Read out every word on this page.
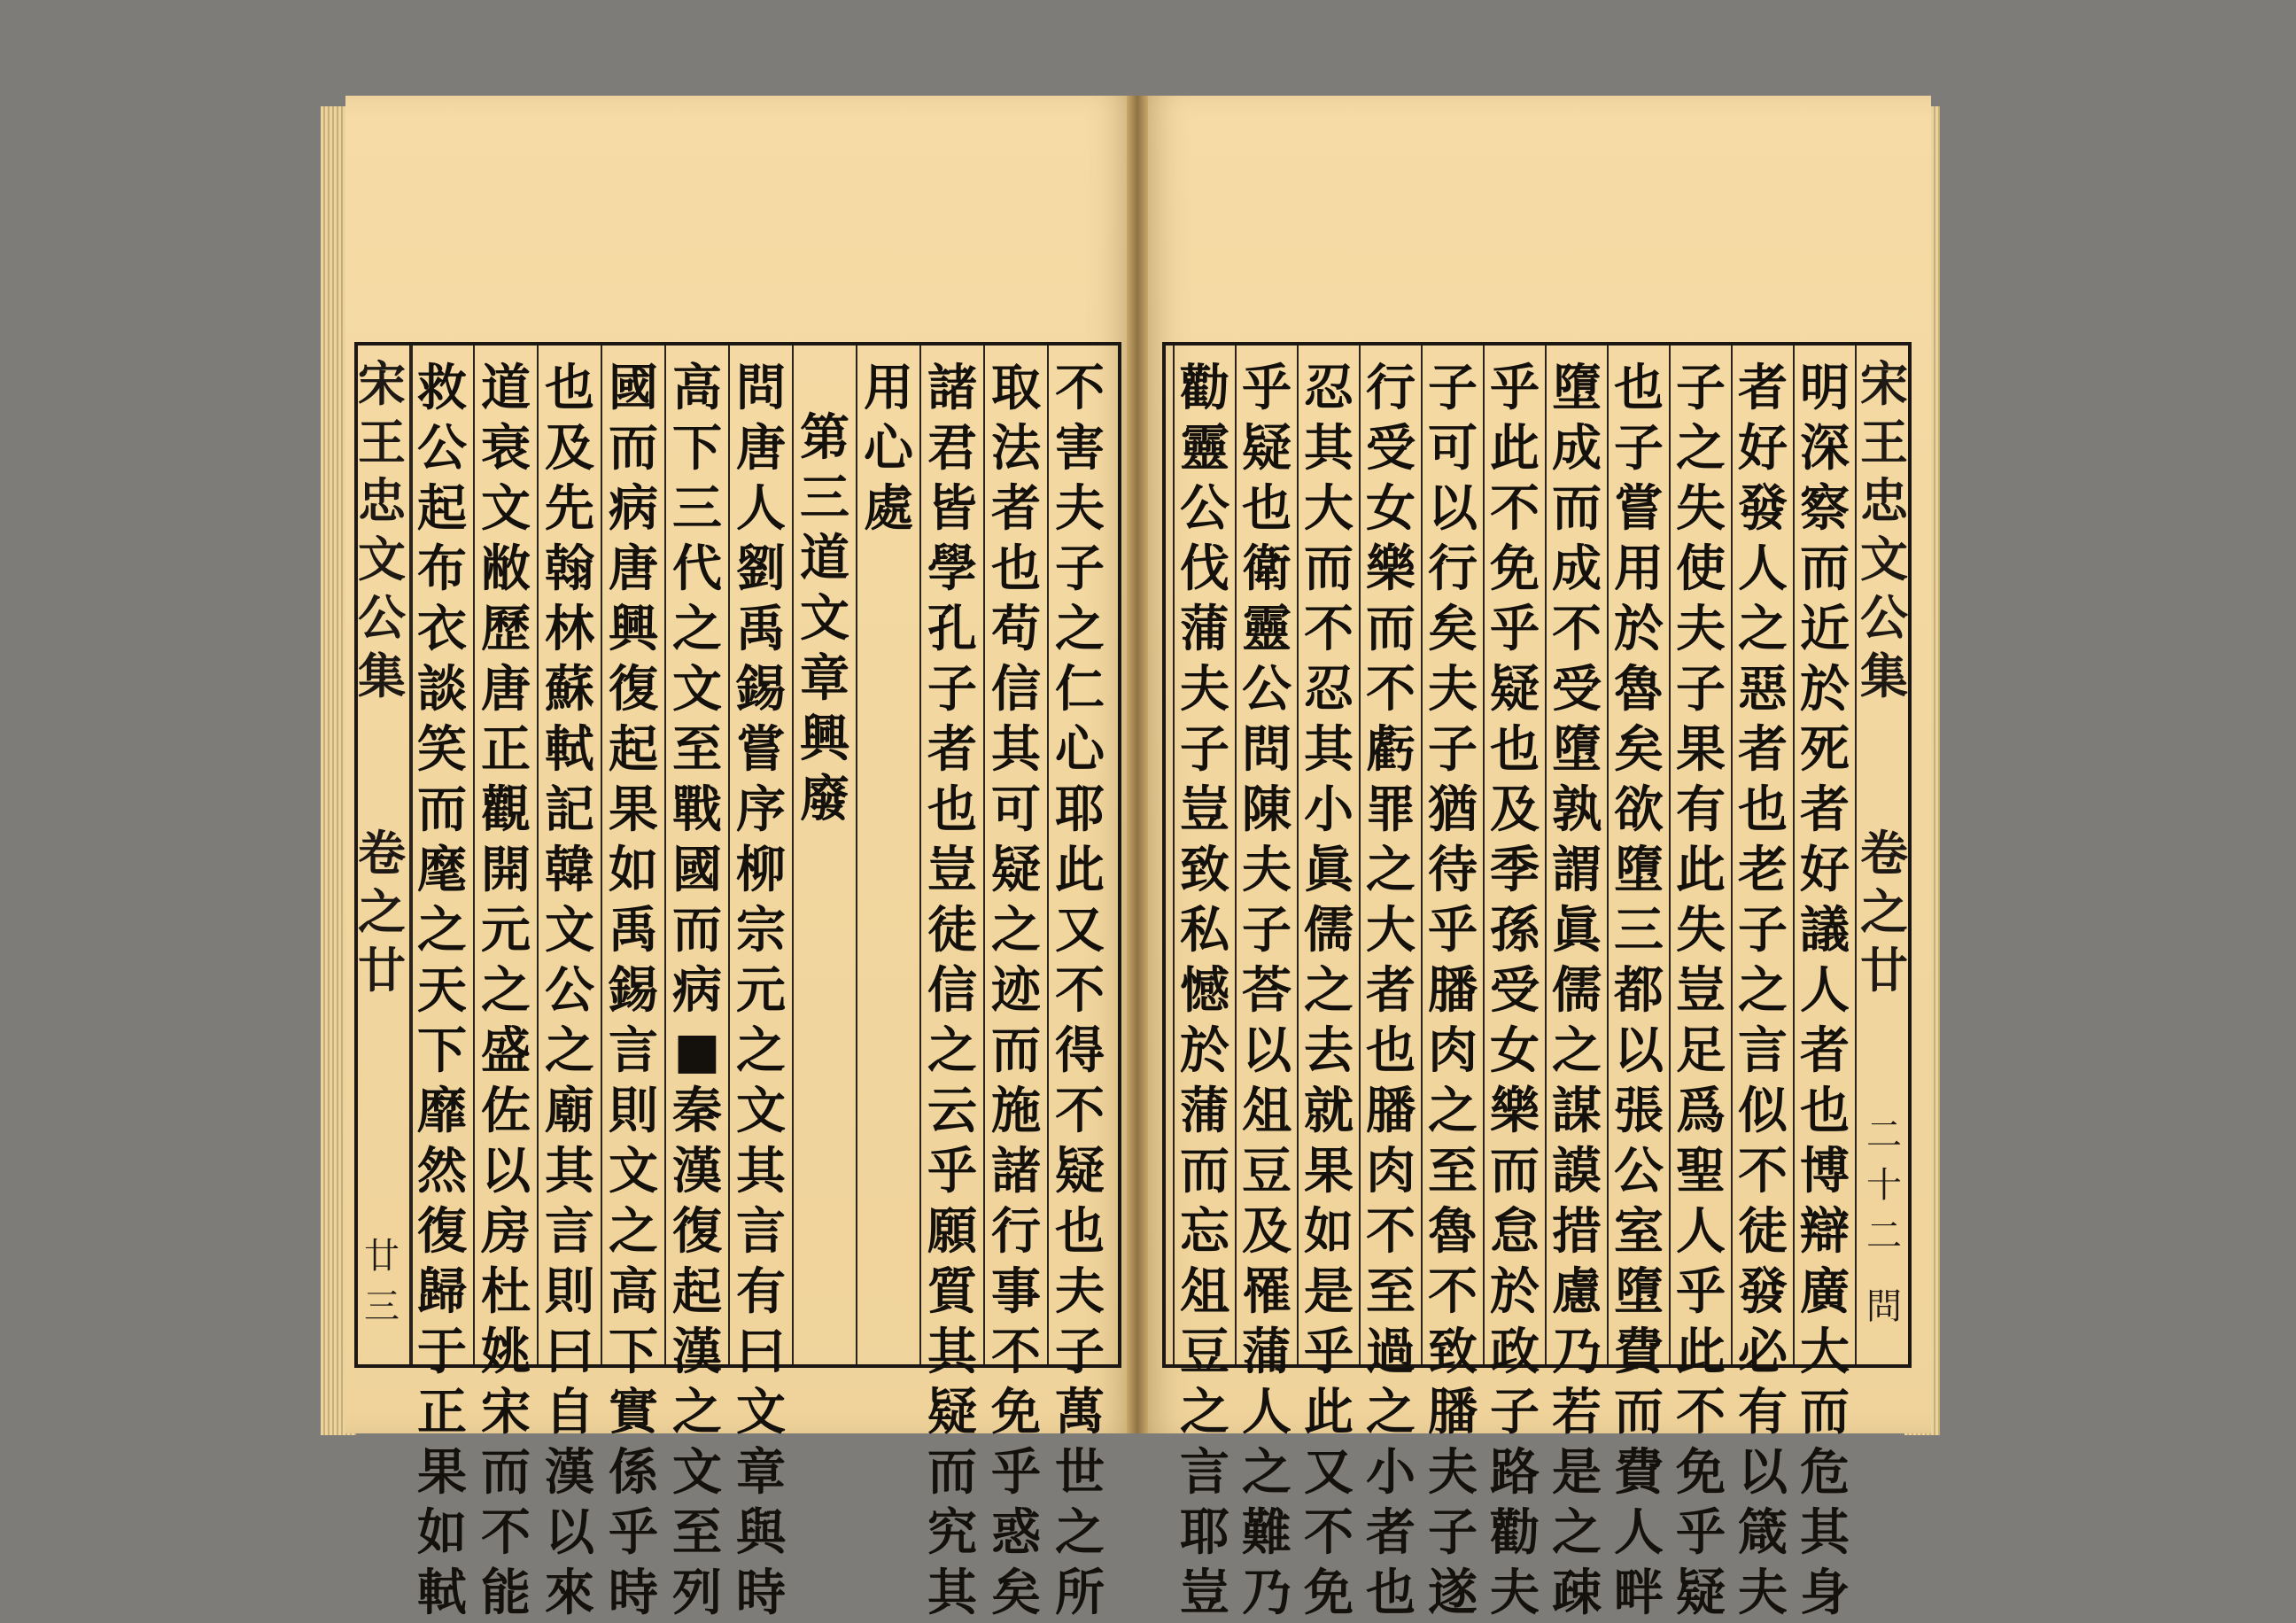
宋
王
忠
文
公
集
卷
之
廿
廿三
不
害
夫
子
之
仁
心
耶
此
又
不
得
不
疑
也
夫
子
萬
世
之
所
取
法
者
也
苟
信
其
可
疑
之
迹
而
施
諸
行
事
不
免
乎
惑
矣
諸
君
皆
學
孔
子
者
也
豈
徒
信
之
云
乎
願
質
其
疑
而
究
其
用
心
處
第
三
道
文
章
興
廢
問
唐
人
劉
禹
錫
嘗
序
柳
宗
元
之
文
其
言
有
曰
文
章
與
時
高
下
三
代
之
文
至
戰
國
而
病
■
秦
漢
復
起
漢
之
文
至
列
國
而
病
唐
興
復
起
果
如
禹
錫
言
則
文
之
高
下
實
係
乎
時
也
及
先
翰
林
蘇
軾
記
韓
文
公
之
廟
其
言
則
曰
自
漢
以
來
道
衰
文
敝
歷
唐
正
觀
開
元
之
盛
佐
以
房
杜
姚
宋
而
不
能
救
公
起
布
衣
談
笑
而
麾
之
天
下
靡
然
復
歸
于
正
果
如
軾
宋
王
忠
文
公
集
卷
之
廿
二十二
問
明
深
察
而
近
於
死
者
好
議
人
者
也
博
辯
廣
大
而
危
其
身
者
好
發
人
之
惡
者
也
老
子
之
言
似
不
徒
發
必
有
以
箴
夫
子
之
失
使
夫
子
果
有
此
失
豈
足
爲
聖
人
乎
此
不
免
乎
疑
也
子
嘗
用
於
魯
矣
欲
墮
三
都
以
張
公
室
墮
費
而
費
人
畔
墮
成
而
成
不
受
墮
孰
謂
眞
儒
之
謀
謨
措
慮
乃
若
是
之
疎
乎
此
不
免
乎
疑
也
及
季
孫
受
女
樂
而
怠
於
政
子
路
勸
夫
子
可
以
行
矣
夫
子
猶
待
乎
膰
肉
之
至
魯
不
致
膰
夫
子
遂
行
受
女
樂
而
不
虧
罪
之
大
者
也
膰
肉
不
至
過
之
小
者
也
忍
其
大
而
不
忍
其
小
眞
儒
之
去
就
果
如
是
乎
此
又
不
免
乎
疑
也
衛
靈
公
問
陳
夫
子
荅
以
俎
豆
及
罹
蒲
人
之
難
乃
勸
靈
公
伐
蒲
夫
子
豈
致
私
憾
於
蒲
而
忘
俎
豆
之
言
耶
豈
